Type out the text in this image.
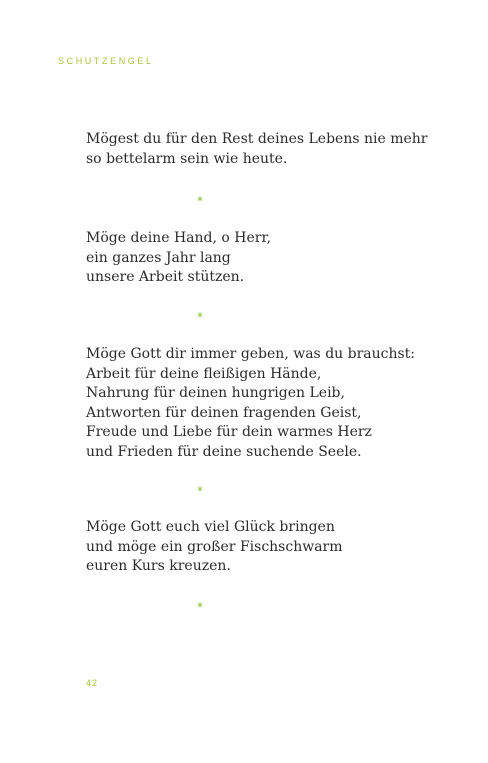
SCHUTZENGEL
Mögest du für den Rest deines Lebens nie mehr
so bettelarm sein wie heute.
*
Möge deine Hand, o Herr,
ein ganzes Jahr lang
unsere Arbeit stützen.
*
Möge Gott dir immer geben, was du brauchst:
Arbeit für deine fleißigen Hände,
Nahrung für deinen hungrigen Leib,
Antworten für deinen fragenden Geist,
Freude und Liebe für dein warmes Herz
und Frieden für deine suchende Seele.
*
Möge Gott euch viel Glück bringen
und möge ein großer Fischschwarm
euren Kurs kreuzen.
*
42
